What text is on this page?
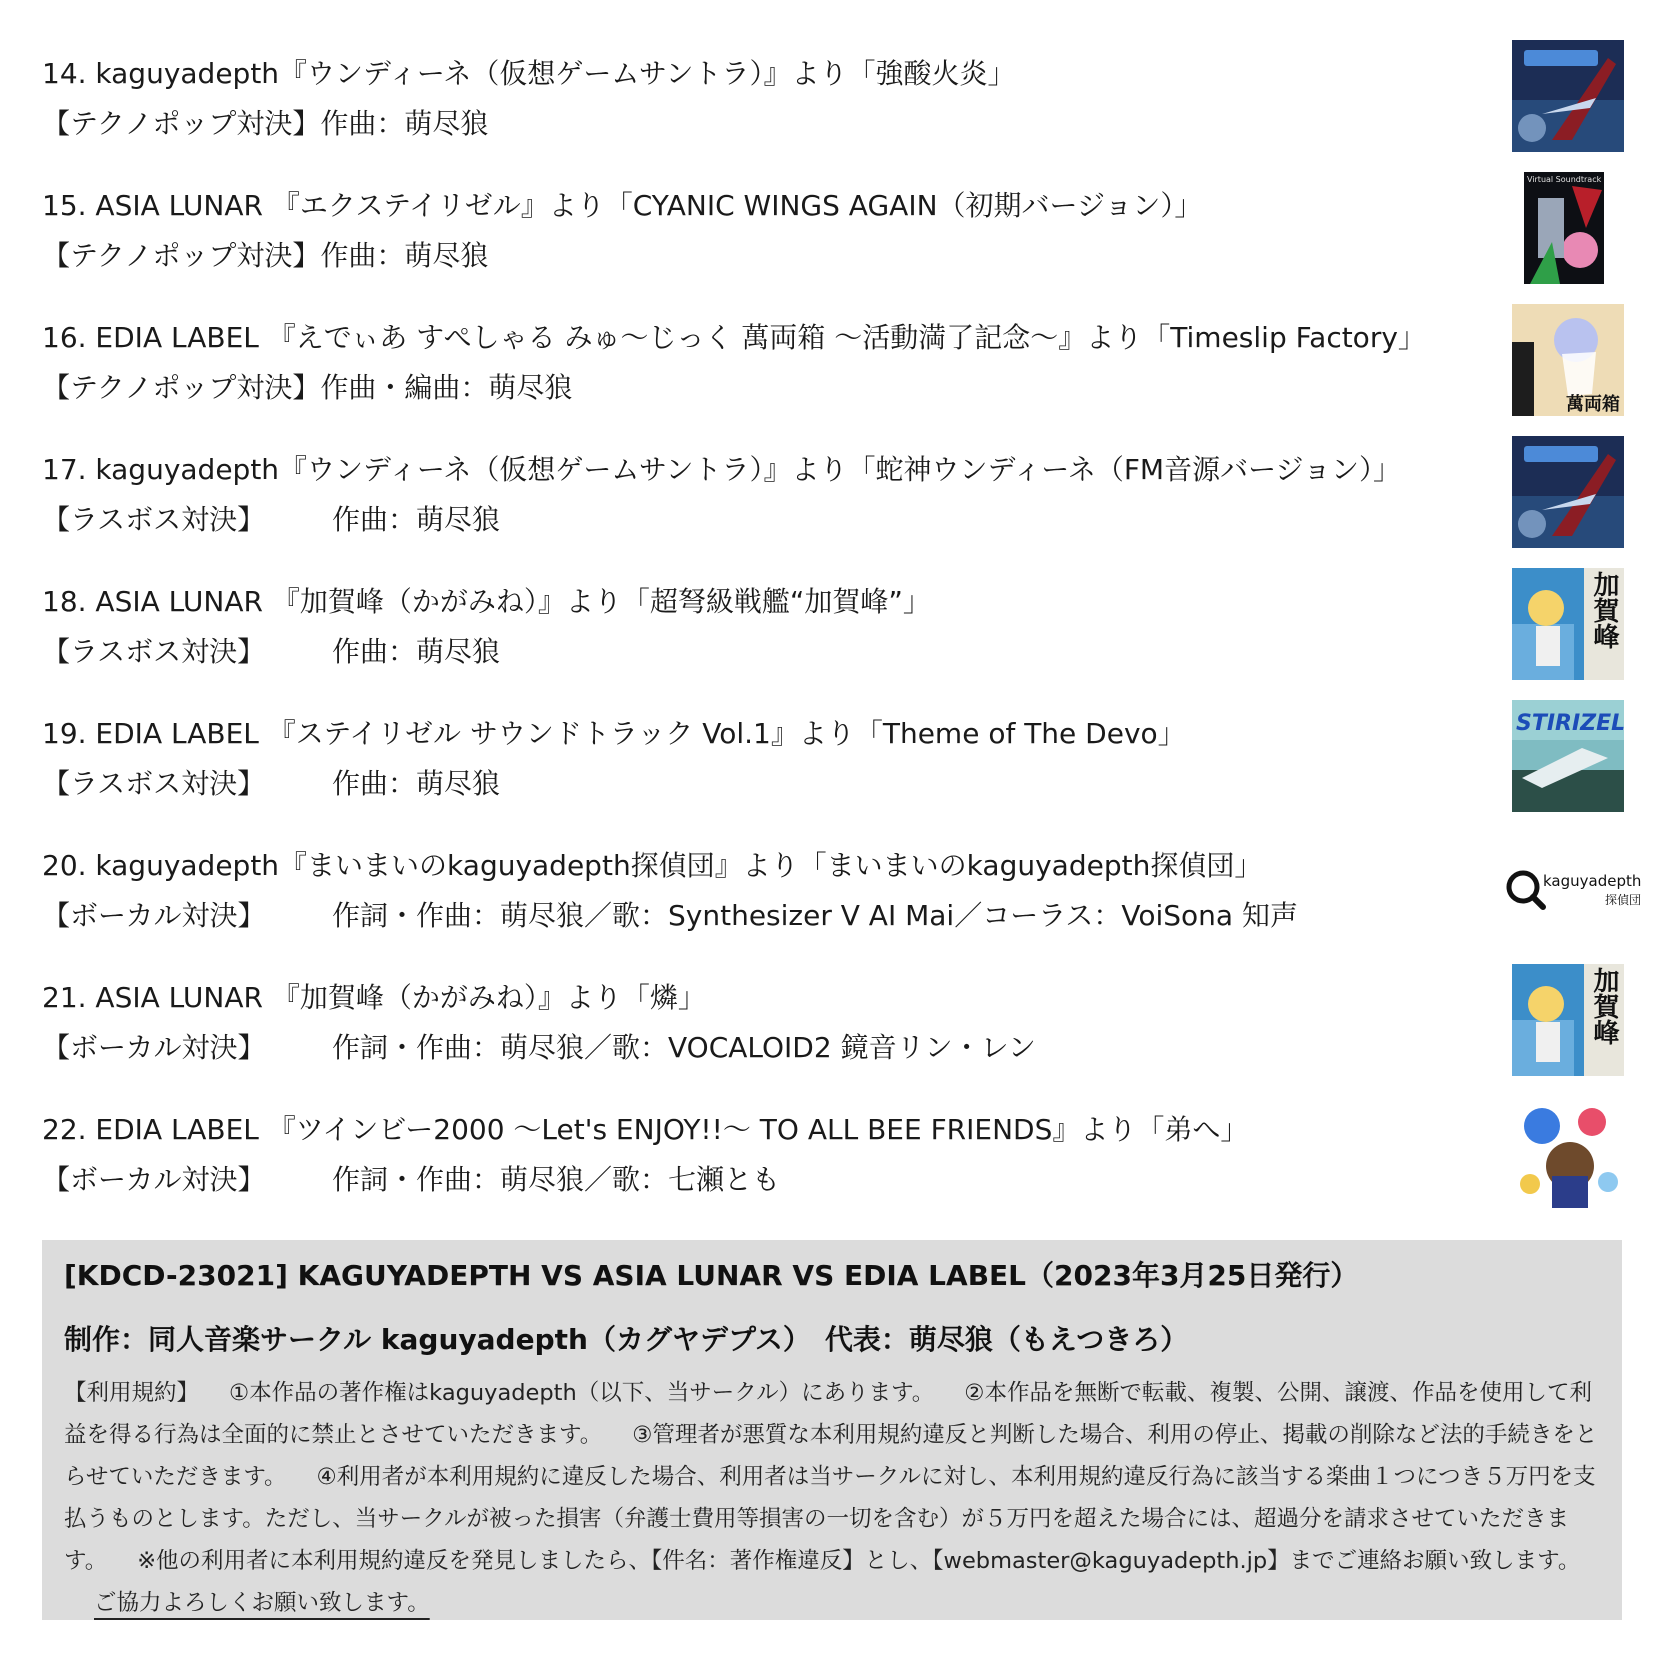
14. kaguyadepth『ウンディーネ（仮想ゲームサントラ）』より「強酸火炎」
【テクノポップ対決】作曲：萌尽狼
15. ASIA LUNAR 『エクステイリゼル』より「CYANIC WINGS AGAIN（初期バージョン）」
【テクノポップ対決】作曲：萌尽狼
Virtual Soundtrack
16. EDIA LABEL 『えでぃあ すぺしゃる みゅ〜じっく 萬両箱 〜活動満了記念〜』より「Timeslip Factory」
【テクノポップ対決】作曲・編曲：萌尽狼
萬両箱
17. kaguyadepth『ウンディーネ（仮想ゲームサントラ）』より「蛇神ウンディーネ（FM音源バージョン）」
【ラスボス対決】 作曲：萌尽狼
18. ASIA LUNAR 『加賀峰（かがみね）』より「超弩級戦艦“加賀峰”」
【ラスボス対決】 作曲：萌尽狼
加賀峰
19. EDIA LABEL 『ステイリゼル サウンドトラック Vol.1』より「Theme of The Devo」
【ラスボス対決】 作曲：萌尽狼
STIRIZEL
20. kaguyadepth『まいまいのkaguyadepth探偵団』より「まいまいのkaguyadepth探偵団」
【ボーカル対決】 作詞・作曲：萌尽狼／歌：Synthesizer V AI Mai／コーラス：VoiSona 知声
kaguyadepth
探偵団
21. ASIA LUNAR 『加賀峰（かがみね）』より「燐」
【ボーカル対決】 作詞・作曲：萌尽狼／歌：VOCALOID2 鏡音リン・レン
加賀峰
22. EDIA LABEL 『ツインビー2000 〜Let's ENJOY!!〜 TO ALL BEE FRIENDS』より「弟へ」
【ボーカル対決】 作詞・作曲：萌尽狼／歌：七瀬とも
[KDCD-23021] KAGUYADEPTH VS ASIA LUNAR VS EDIA LABEL（2023年3月25日発行）
制作：同人音楽サークル kaguyadepth（カグヤデプス）　代表：萌尽狼（もえつきろ）
【利用規約】 ①本作品の著作権はkaguyadepth（以下、当サークル）にあります。 ②本作品を無断で転載、複製、公開、譲渡、作品を使用して利益を得る行為は全面的に禁止とさせていただきます。 ③管理者が悪質な本利用規約違反と判断した場合、利用の停止、掲載の削除など法的手続きをとらせていただきます。 ④利用者が本利用規約に違反した場合、利用者は当サークルに対し、本利用規約違反行為に該当する楽曲１つにつき５万円を支払うものとします。ただし、当サークルが被った損害（弁護士費用等損害の一切を含む）が５万円を超えた場合には、超過分を請求させていただきます。 ※他の利用者に本利用規約違反を発見しましたら、【件名：著作権違反】とし、【webmaster@kaguyadepth.jp】までご連絡お願い致します。ご協力よろしくお願い致します。
